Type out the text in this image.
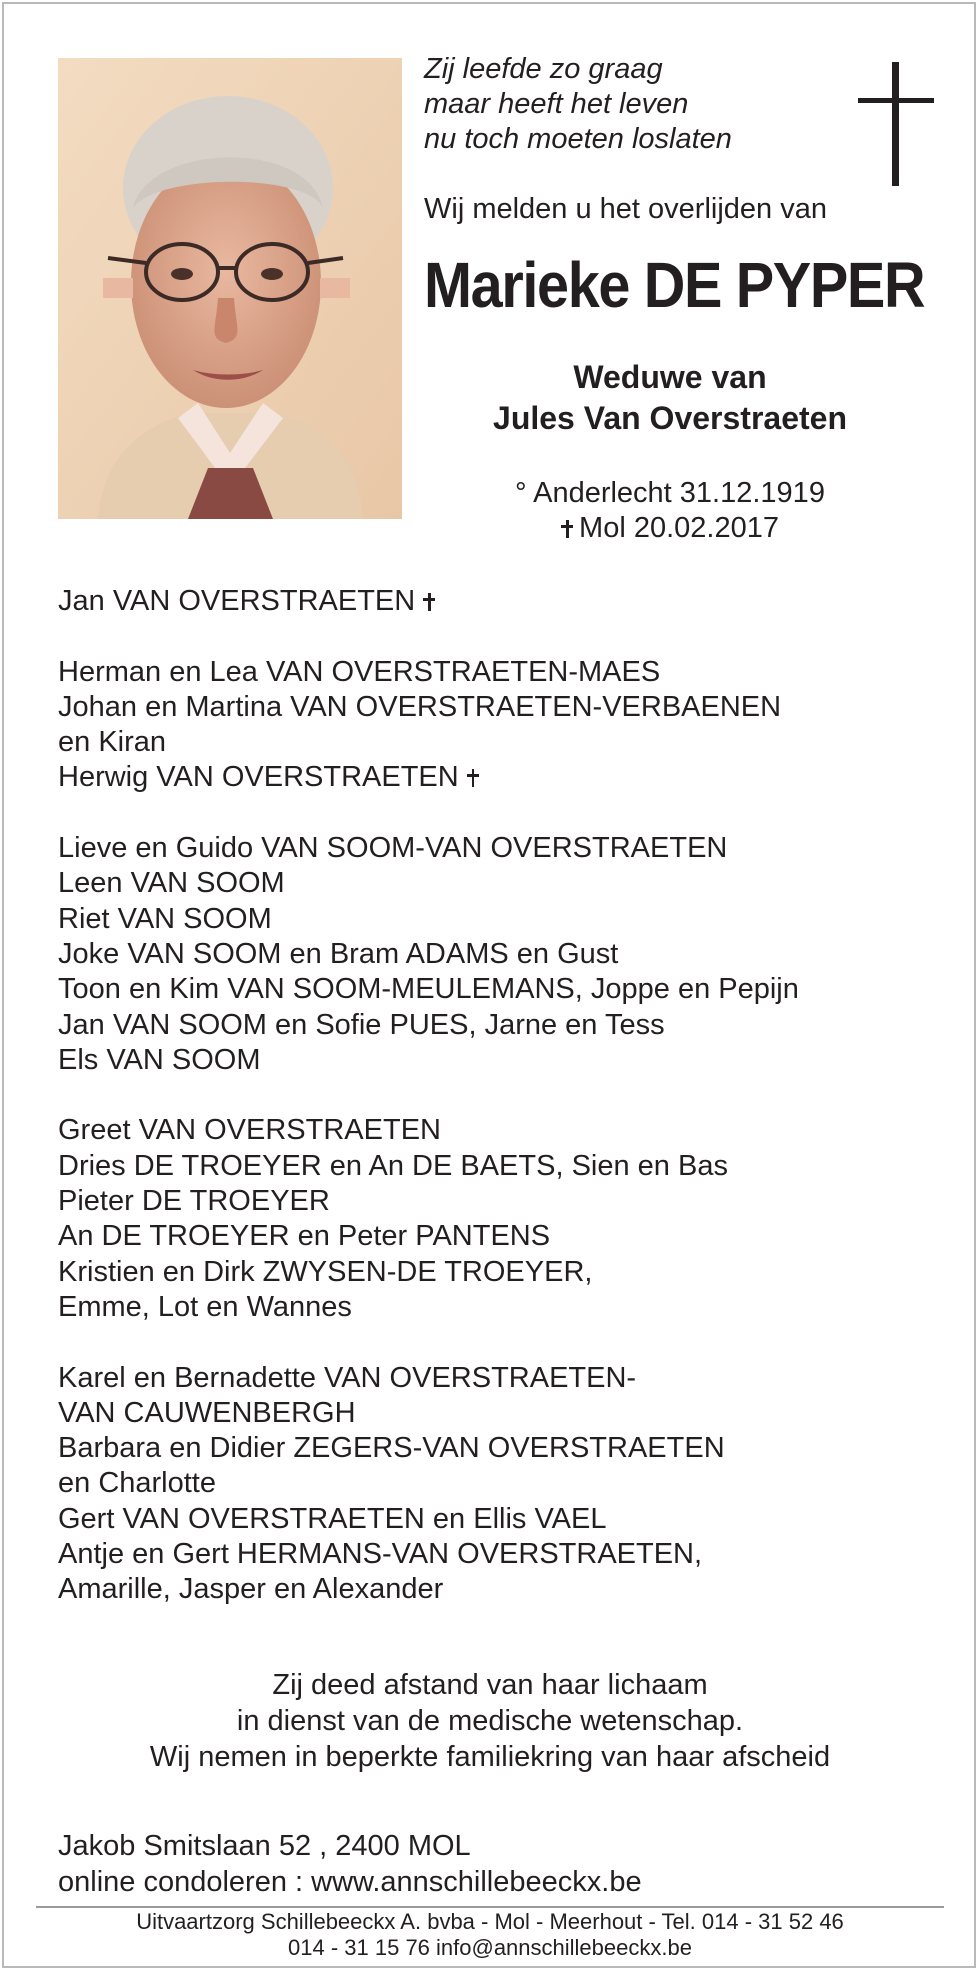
Zij leefde zo graag
maar heeft het leven
nu toch moeten loslaten
Wij melden u het overlijden van
Marieke DE PYPER
Weduwe van
Jules Van Overstraeten
° Anderlecht 31.12.1919
Mol 20.02.2017
Jan VAN OVERSTRAETEN
Herman en Lea VAN OVERSTRAETEN-MAES
Johan en Martina VAN OVERSTRAETEN-VERBAENEN
en Kiran
Herwig VAN OVERSTRAETEN
Lieve en Guido VAN SOOM-VAN OVERSTRAETEN
Leen VAN SOOM
Riet VAN SOOM
Joke VAN SOOM en Bram ADAMS en Gust
Toon en Kim VAN SOOM-MEULEMANS, Joppe en Pepijn
Jan VAN SOOM en Sofie PUES, Jarne en Tess
Els VAN SOOM
Greet VAN OVERSTRAETEN
Dries DE TROEYER en An DE BAETS, Sien en Bas
Pieter DE TROEYER
An DE TROEYER en Peter PANTENS
Kristien en Dirk ZWYSEN-DE TROEYER,
Emme, Lot en Wannes
Karel en Bernadette VAN OVERSTRAETEN-
VAN CAUWENBERGH
Barbara en Didier ZEGERS-VAN OVERSTRAETEN
en Charlotte
Gert VAN OVERSTRAETEN en Ellis VAEL
Antje en Gert HERMANS-VAN OVERSTRAETEN,
Amarille, Jasper en Alexander
Zij deed afstand van haar lichaam
in dienst van de medische wetenschap.
Wij nemen in beperkte familiekring van haar afscheid
Jakob Smitslaan 52 , 2400 MOL
online condoleren : www.annschillebeeckx.be
Uitvaartzorg Schillebeeckx A. bvba - Mol - Meerhout - Tel. 014 - 31 52 46
014 - 31 15 76 info@annschillebeeckx.be
